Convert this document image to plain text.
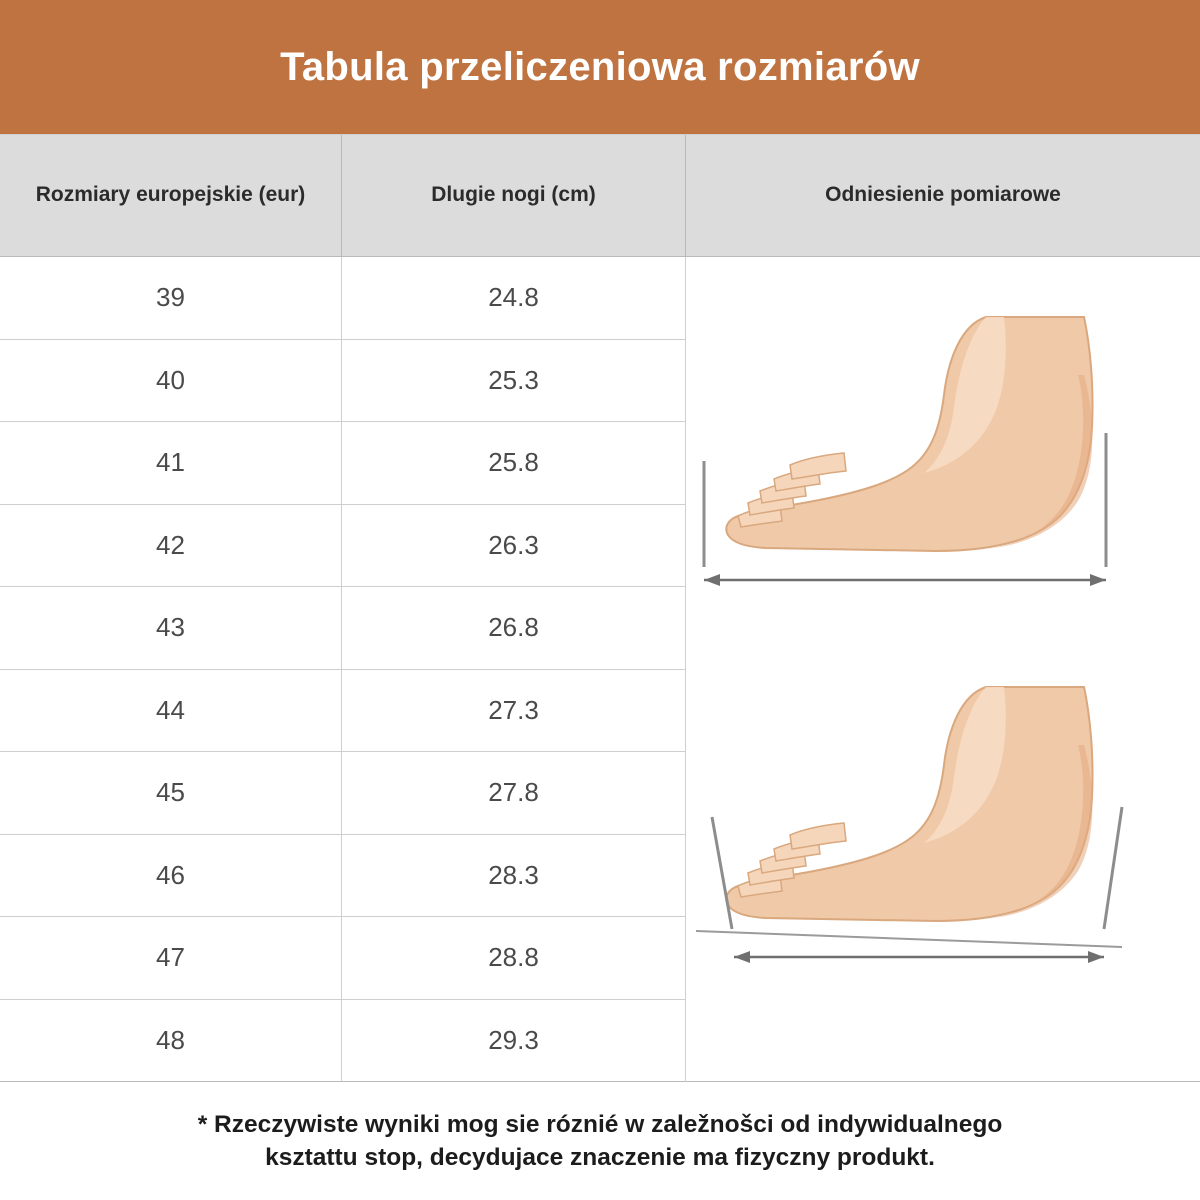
Tabula przeliczeniowa rozmiarów
Rozmiary europejskie (eur)	Dlugie nogi (cm)	Odniesienie pomiarowe
39	24.8
40	25.3
41	25.8
42	26.3
43	26.8
44	27.3
45	27.8
46	28.3
47	28.8
48	29.3
* Rzeczywiste wyniki mog sie róznié w zaležnošci od indywidualnego
ksztattu stop, decydujace znaczenie ma fizyczny produkt.
